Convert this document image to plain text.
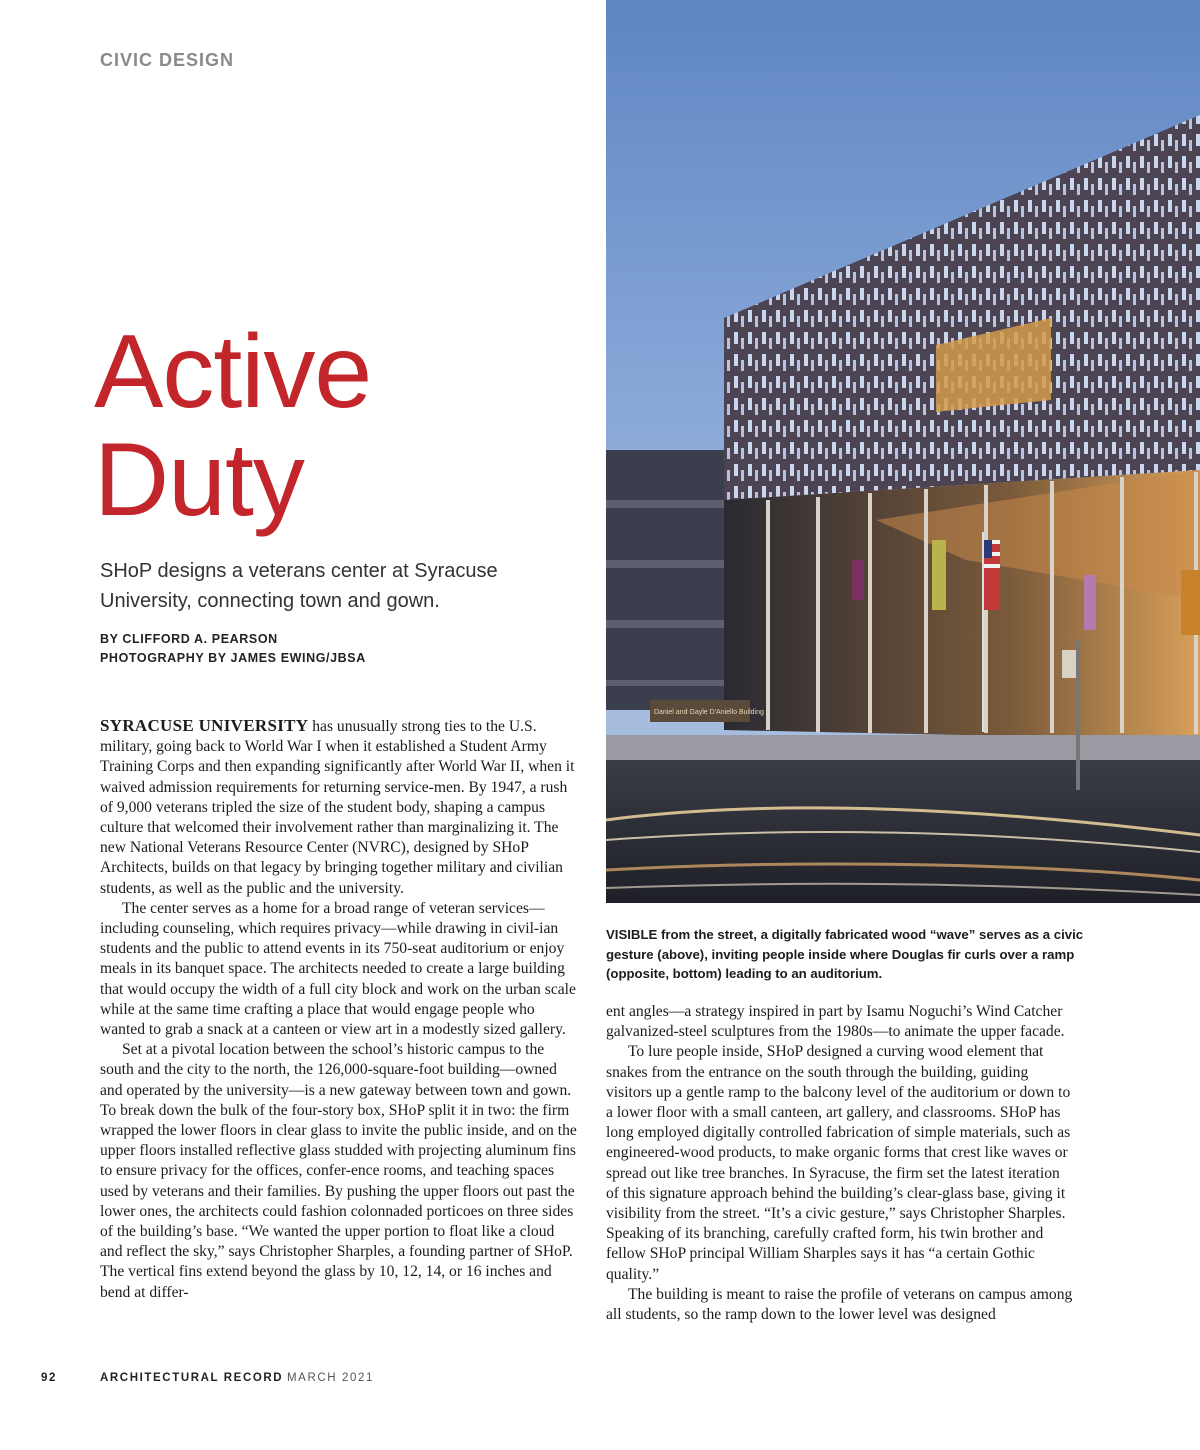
CIVIC DESIGN
Active
Duty
SHoP designs a veterans center at Syracuse
University, connecting town and gown.
BY CLIFFORD A. PEARSON
PHOTOGRAPHY BY JAMES EWING/JBSA
Daniel and Gayle D'Aniello Building
VISIBLE from the street, a digitally fabricated wood “wave” serves as a civic gesture (above), inviting people inside where Douglas fir curls over a ramp (opposite, bottom) leading to an auditorium.

SYRACUSE UNIVERSITY has unusually strong ties to the U.S. military, going back to World War I when it established a Student Army Training Corps and then expanding significantly after World War II, when it waived admission requirements for returning service-men. By 1947, a rush of 9,000 veterans tripled the size of the student body, shaping a campus culture that welcomed their involvement rather than marginalizing it. The new National Veterans Resource Center (NVRC), designed by SHoP Architects, builds on that legacy by bringing together military and civilian students, as well as the public and the university.

The center serves as a home for a broad range of veteran services—including counseling, which requires privacy—while drawing in civil-ian students and the public to attend events in its 750-seat auditorium or enjoy meals in its banquet space. The architects needed to create a large building that would occupy the width of a full city block and work on the urban scale while at the same time crafting a place that would engage people who wanted to grab a snack at a canteen or view art in a modestly sized gallery.

Set at a pivotal location between the school’s historic campus to the south and the city to the north, the 126,000-square-foot building—owned and operated by the university—is a new gateway between town and gown. To break down the bulk of the four-story box, SHoP split it in two: the firm wrapped the lower floors in clear glass to invite the public inside, and on the upper floors installed reflective glass studded with projecting aluminum fins to ensure privacy for the offices, confer-ence rooms, and teaching spaces used by veterans and their families. By pushing the upper floors out past the lower ones, the architects could fashion colonnaded porticoes on three sides of the building’s base. “We wanted the upper portion to float like a cloud and reflect the sky,” says Christopher Sharples, a founding partner of SHoP. The vertical fins extend beyond the glass by 10, 12, 14, or 16 inches and bend at differ-

ent angles—a strategy inspired in part by Isamu Noguchi’s Wind Catcher galvanized-steel sculptures from the 1980s—to animate the upper facade.

To lure people inside, SHoP designed a curving wood element that snakes from the entrance on the south through the building, guiding visitors up a gentle ramp to the balcony level of the auditorium or down to a lower floor with a small canteen, art gallery, and classrooms. SHoP has long employed digitally controlled fabrication of simple materials, such as engineered-wood products, to make organic forms that crest like waves or spread out like tree branches. In Syracuse, the firm set the latest iteration of this signature approach behind the building’s clear-glass base, giving it visibility from the street. “It’s a civic gesture,” says Christopher Sharples. Speaking of its branching, carefully crafted form, his twin brother and fellow SHoP principal William Sharples says it has “a certain Gothic quality.”

The building is meant to raise the profile of veterans on campus among all students, so the ramp down to the lower level was designed

92	ARCHITECTURAL RECORD MARCH 2021
